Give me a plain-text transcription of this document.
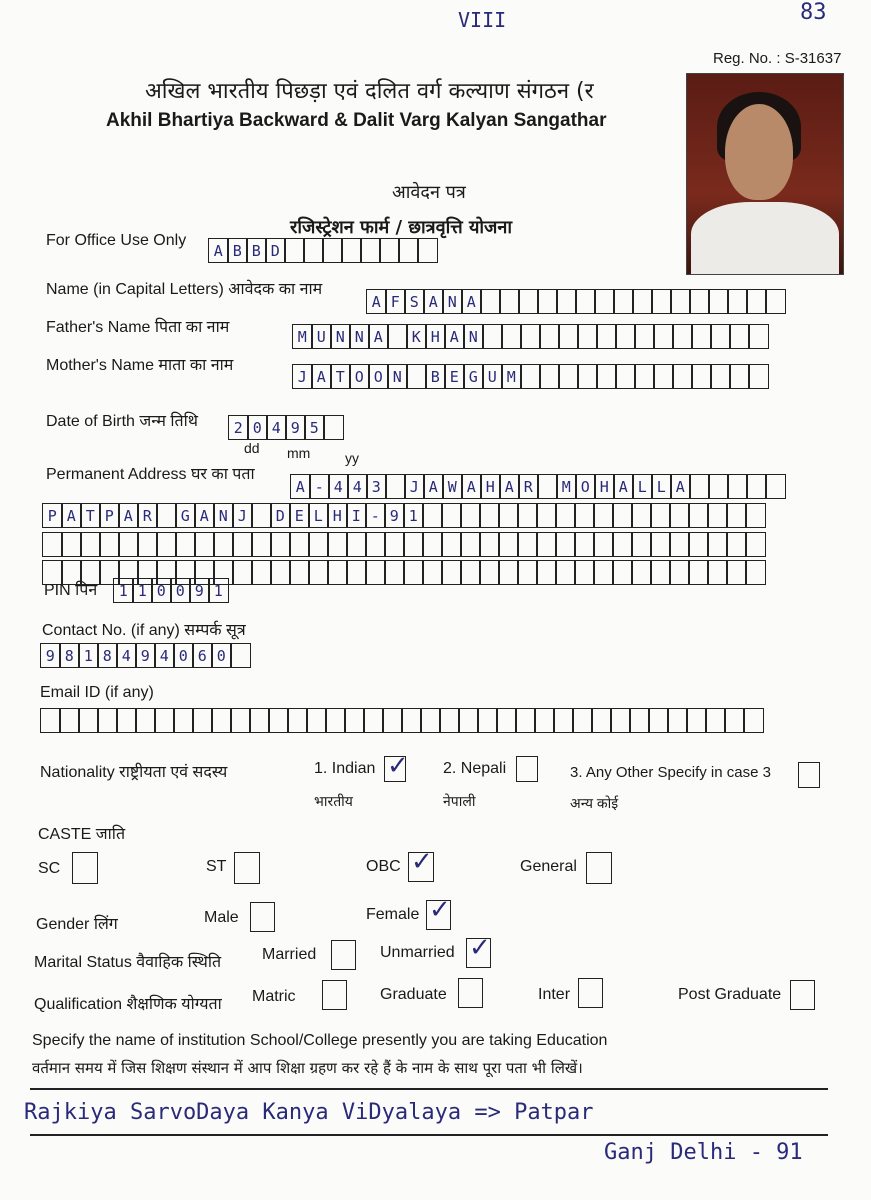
VIII	83
Reg. No. : S-31637
अखिल भारतीय पिछड़ा एवं दलित वर्ग कल्याण संगठन (र
Akhil Bhartiya Backward & Dalit Varg Kalyan Sangathar
आवेदन पत्र
रजिस्ट्रेशन फार्म / छात्रवृत्ति योजना
For Office Use Only
A B B D
Name (in Capital Letters) आवेदक का नाम
A F S A N A
Father's Name पिता का नाम	M U N N A	K H A N
Mother's Name माता का नाम
J A T O O N	B E G U M
Date of Birth जन्म तिथि	2 0 4 9 5
dd mm yy
Permanent Address घर का पता
A - 4 4 3	J A W A H A R	M O H A L L A
P A T P A R	G A N J	D E L H I - 9 1
PIN पिन	1 1 0 0 9 1
Contact No. (if any) सम्पर्क सूत्र
9 8 1 8 4 9 4 0 6 0
Email ID (if any)
Nationality राष्ट्रीयता एवं सदस्य	1. Indian ✓
भारतीय
2. Nepali
नेपाली
3. Any Other Specify in case 3
अन्य कोई
CASTE जाति
SC	ST	OBC ✓	General
Gender लिंग	Male	Female ✓
Marital Status वैवाहिक स्थिति	Married	Unmarried ✓
Qualification शैक्षणिक योग्यता Matric	Graduate	Inter	Post Graduate
Specify the name of institution School/College presently you are taking Education
वर्तमान समय में जिस शिक्षण संस्थान में आप शिक्षा ग्रहण कर रहे हैं के नाम के साथ पूरा पता भी लिखें।
Rajkiya SarvoDaya Kanya ViDyalaya => Patpar
Ganj Delhi - 91
